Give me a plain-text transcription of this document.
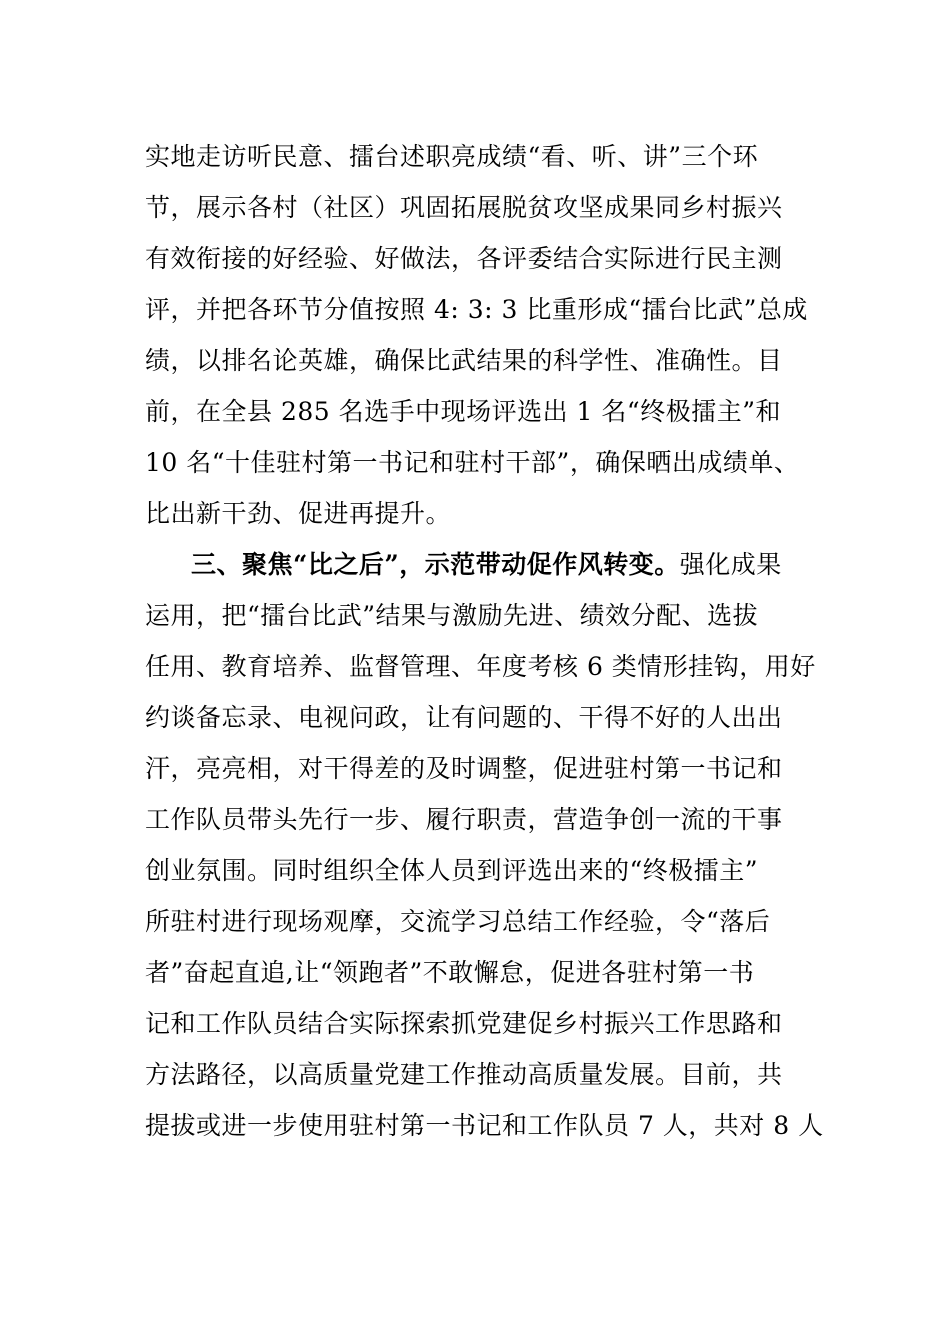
实地走访听民意、擂台述职亮成绩“看、听、讲”三个环
节，展示各村（社区）巩固拓展脱贫攻坚成果同乡村振兴
有效衔接的好经验、好做法，各评委结合实际进行民主测
评，并把各环节分值按照 4: 3: 3 比重形成“擂台比武”总成
绩，以排名论英雄，确保比武结果的科学性、准确性。目
前，在全县 285 名选手中现场评选出 1 名“终极擂主”和
10 名“十佳驻村第一书记和驻村干部”，确保晒出成绩单、
比出新干劲、促进再提升。
三、聚焦“比之后”，示范带动促作风转变。强化成果
运用，把“擂台比武”结果与激励先进、绩效分配、选拔
任用、教育培养、监督管理、年度考核 6 类情形挂钩，用好
约谈备忘录、电视问政，让有问题的、干得不好的人出出
汗，亮亮相，对干得差的及时调整，促进驻村第一书记和
工作队员带头先行一步、履行职责，营造争创一流的干事
创业氛围。同时组织全体人员到评选出来的“终极擂主”
所驻村进行现场观摩，交流学习总结工作经验，令“落后
者”奋起直追,让“领跑者”不敢懈怠，促进各驻村第一书
记和工作队员结合实际探索抓党建促乡村振兴工作思路和
方法路径，以高质量党建工作推动高质量发展。目前，共
提拔或进一步使用驻村第一书记和工作队员 7 人，共对 8 人
